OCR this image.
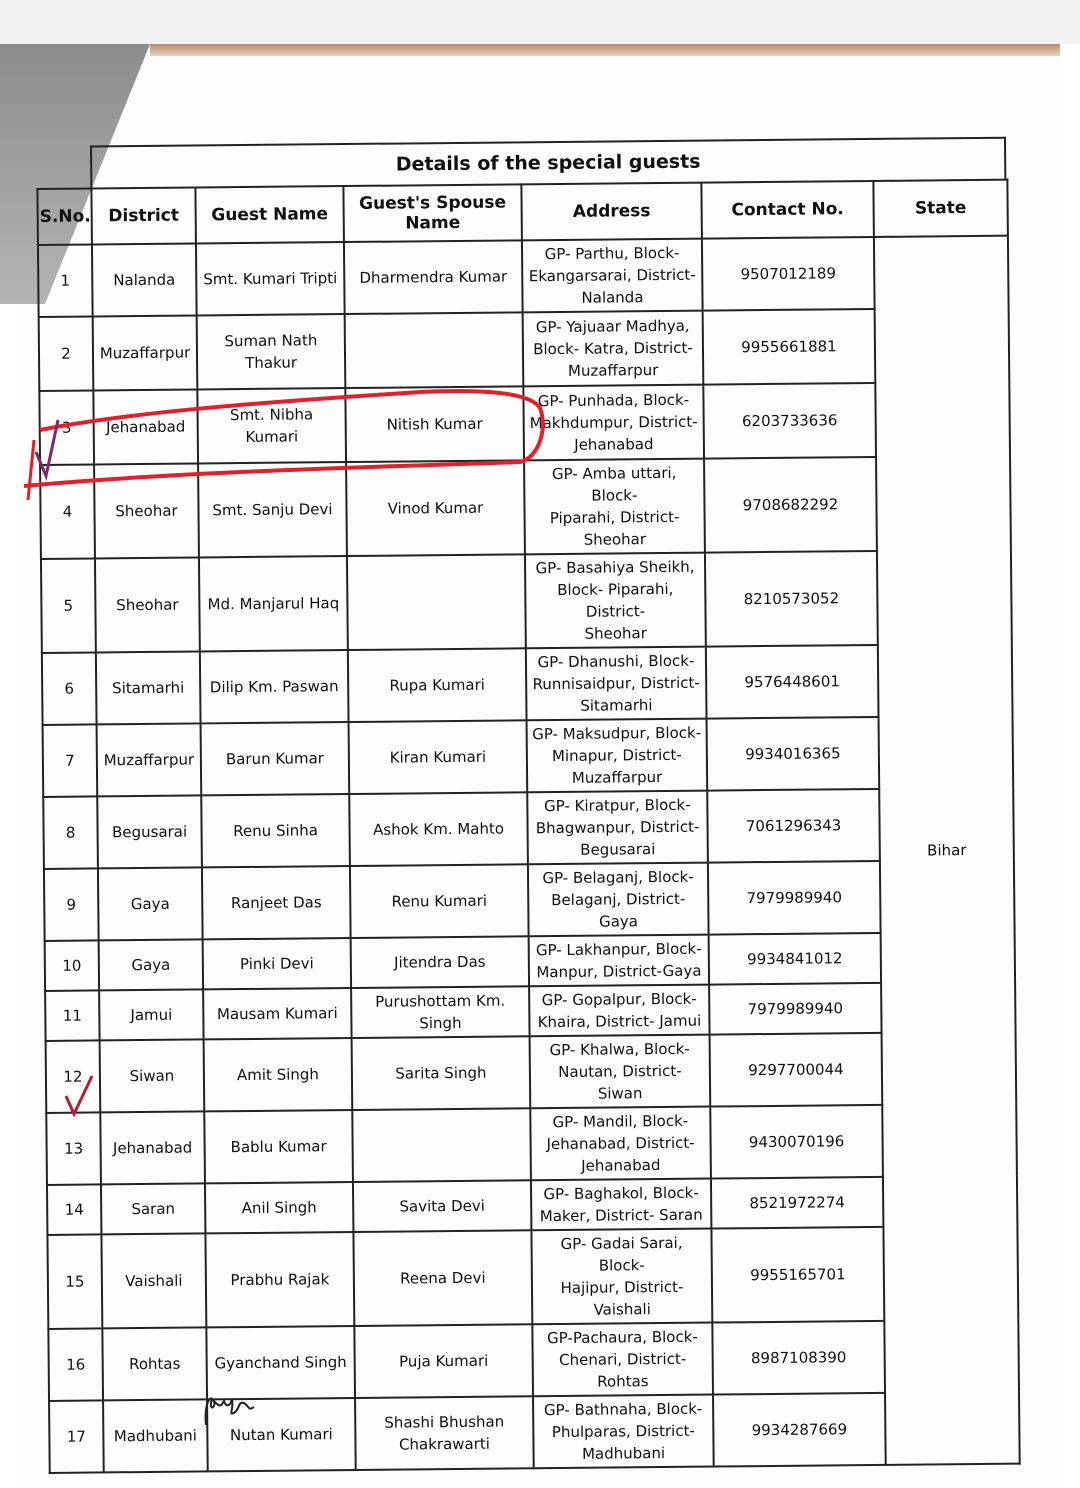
Details of the special guests
S.No.	District	Guest Name	Guest's Spouse Name	Address	Contact No.	State
1	Nalanda	Smt. Kumari Tripti	Dharmendra Kumar	GP- Parthu, Block-
Ekangarsarai, District-
Nalanda	9507012189	Bihar
2	Muzaffarpur	Suman Nath Thakur		GP- Yajuaar Madhya,
Block- Katra, District-
Muzaffarpur	9955661881	
3	Jehanabad	Smt. Nibha Kumari	Nitish Kumar	GP- Punhada, Block-
Makhdumpur, District-
Jehanabad	6203733636	
4	Sheohar	Smt. Sanju Devi	Vinod Kumar	GP- Amba uttari, Block-
Piparahi, District-
Sheohar	9708682292	
5	Sheohar	Md. Manjarul Haq		GP- Basahiya Sheikh,
Block- Piparahi, District-
Sheohar	8210573052	
6	Sitamarhi	Dilip Km. Paswan	Rupa Kumari	GP- Dhanushi, Block-
Runnisaidpur, District-
Sitamarhi	9576448601	
7	Muzaffarpur	Barun Kumar	Kiran Kumari	GP- Maksudpur, Block-
Minapur, District-
Muzaffarpur	9934016365	
8	Begusarai	Renu Sinha	Ashok Km. Mahto	GP- Kiratpur, Block-
Bhagwanpur, District-
Begusarai	7061296343	
9	Gaya	Ranjeet Das	Renu Kumari	GP- Belaganj, Block-
Belaganj, District- Gaya	7979989940	
10	Gaya	Pinki Devi	Jitendra Das	GP- Lakhanpur, Block-
Manpur, District-Gaya	9934841012	
11	Jamui	Mausam Kumari	Purushottam Km. Singh	GP- Gopalpur, Block-
Khaira, District- Jamui	7979989940	
12	Siwan	Amit Singh	Sarita Singh	GP- Khalwa, Block-
Nautan, District- Siwan	9297700044	
13	Jehanabad	Bablu Kumar		GP- Mandil, Block-
Jehanabad, District-
Jehanabad	9430070196	
14	Saran	Anil Singh	Savita Devi	GP- Baghakol, Block-
Maker, District- Saran	8521972274	
15	Vaishali	Prabhu Rajak	Reena Devi	GP- Gadai Sarai, Block-
Hajipur, District- Vaishali	9955165701	
16	Rohtas	Gyanchand Singh	Puja Kumari	GP-Pachaura, Block-
Chenari, District- Rohtas	8987108390	
17	Madhubani	Nutan Kumari	Shashi Bhushan Chakrawarti	GP- Bathnaha, Block-
Phulparas, District-
Madhubani	9934287669	
